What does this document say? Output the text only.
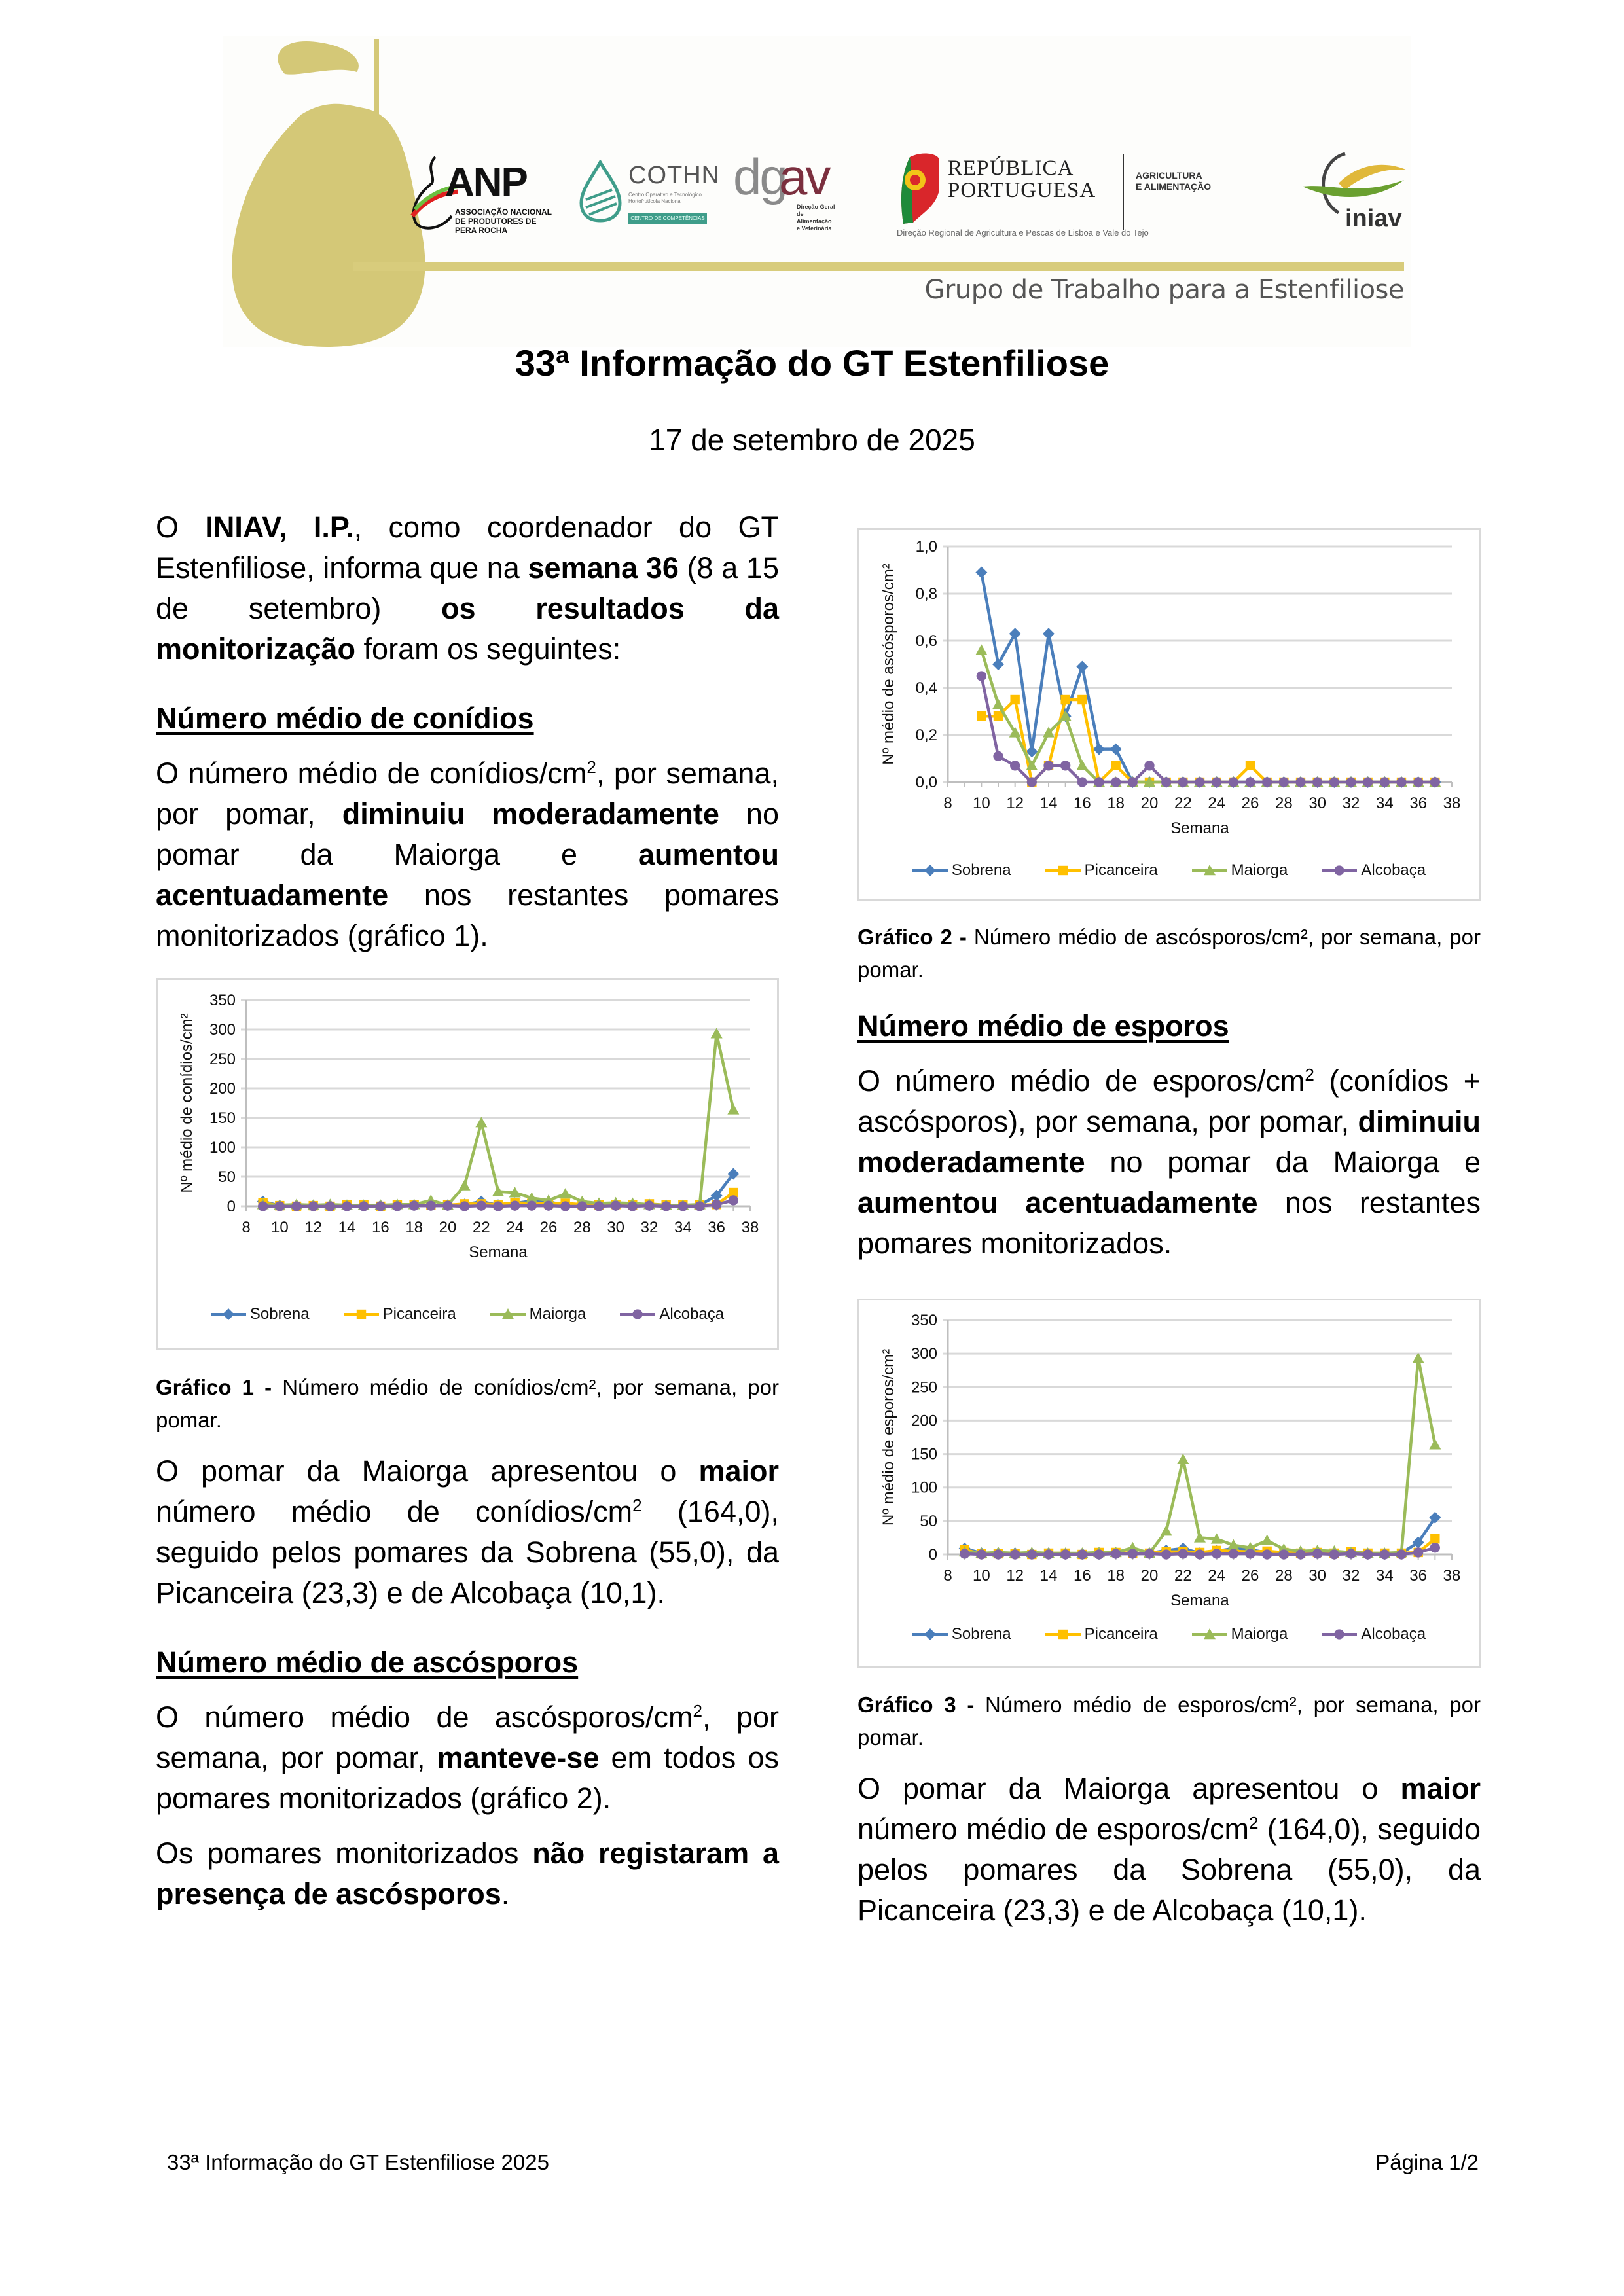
ANP
ASSOCIAÇÃO NACIONAL
DE PRODUTORES DE PERA ROCHA
COTHN
Centro Operativo e Tecnológico Hortofrutícola Nacional
CENTRO DE COMPETÊNCIAS
dg
av
Direção Geral
de Alimentação
e Veterinária
REPÚBLICA
PORTUGUESA
AGRICULTURA
E ALIMENTAÇÃO
Direção Regional de Agricultura e Pescas de Lisboa e Vale do Tejo
iniav
Grupo de Trabalho para a Estenfiliose
33ª Informação do GT Estenfiliose
17 de setembro de 2025

O INIAV, I.P., como coordenador do GT Estenfiliose, informa que na semana 36 (8 a 15 de setembro) os resultados da monitorização foram os seguintes:

Número médio de conídios

O número médio de conídios/$cm^2$, por semana, por pomar, diminuiu moderadamente no pomar da Maiorga e aumentou acentuadamente nos restantes pomares monitorizados (gráfico 1).

0
50
100
150
200
250
300
350
8 10 12 14 16 18 20 22 24 26 28 30 32 34 36 38
Semana
Nº médio de conídios/cm²
Sobrena	Picanceira	Maiorga	Alcobaça

Gráfico 1 - Número médio de conídios/cm², por semana, por pomar.

O pomar da Maiorga apresentou o maior número médio de conídios/$cm^2$ (164,0), seguido pelos pomares da Sobrena (55,0), da Picanceira (23,3) e de Alcobaça (10,1).

Número médio de ascósporos

O número médio de ascósporos/$cm^2$, por semana, por pomar, manteve-se em todos os pomares monitorizados (gráfico 2).

Os pomares monitorizados não registaram a presença de ascósporos.

0,0
0,2
0,4
0,6
0,8
1,0
8 10 12 14 16 18 20 22 24 26 28 30 32 34 36 38
Semana
Nº médio de ascósporos/cm²
Sobrena	Picanceira	Maiorga	Alcobaça

Gráfico 2 - Número médio de ascósporos/cm², por semana, por pomar.

Número médio de esporos

O número médio de esporos/$cm^2$ (conídios + ascósporos), por semana, por pomar, diminuiu moderadamente no pomar da Maiorga e aumentou acentuadamente nos restantes pomares monitorizados.

0
50
100
150
200
250
300
350
8 10 12 14 16 18 20 22 24 26 28 30 32 34 36 38
Semana
Nº médio de esporos/cm²
Sobrena	Picanceira	Maiorga	Alcobaça

Gráfico 3 - Número médio de esporos/cm², por semana, por pomar.

O pomar da Maiorga apresentou o maior número médio de esporos/$cm^2$ (164,0), seguido pelos pomares da Sobrena (55,0), da Picanceira (23,3) e de Alcobaça (10,1).

33ª Informação do GT Estenfiliose 2025	Página 1/2
